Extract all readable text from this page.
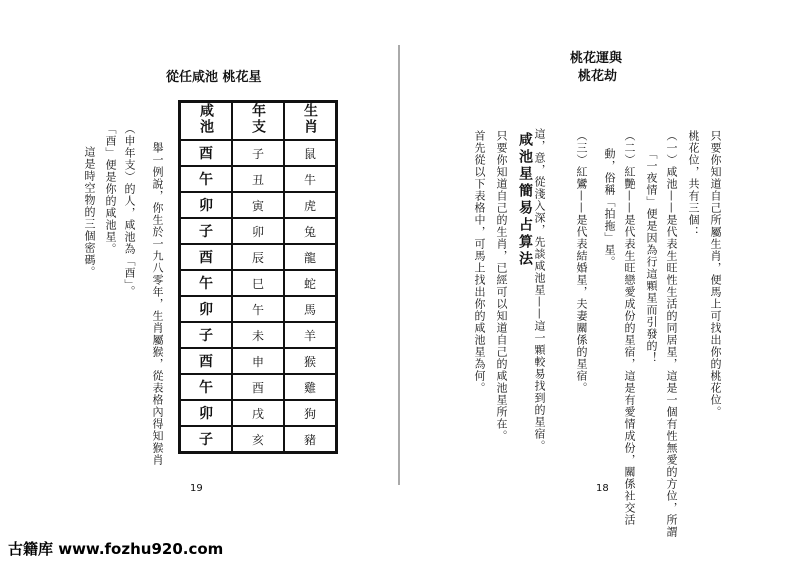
從任咸池 桃花星
咸池	年支	生肖
酉	子	鼠
午	丑	牛
卯	寅	虎
子	卯	兔
酉	辰	龍
午	巳	蛇
卯	午	馬
子	未	羊
酉	申	猴
午	酉	雞
卯	戌	狗
子	亥	豬
舉一例說，你生於一九八零年，生肖屬猴，從表格內得知猴肖
（申年支）的人，咸池為「酉」。
「酉」便是你的咸池星。
這是時空物的三個密碼。
19
桃花運與
桃花劫
只要你知道自己所屬生肖，便馬上可找出你的桃花位。
桃花位，共有三個：
（一）咸池——是代表生旺性生活的同居星，這是一個有性無愛的方位，所謂
「一夜情」便是因為行這顆星而引發的！
（二）紅艷——是代表生旺戀愛成份的星宿，這是有愛情成份，關係社交活
動，俗稱「拍拖」星。
（三）紅鸞——是代表結婚星，夫妻關係的星宿。
咸池星簡易占算法 這，意，從淺入深，先談咸池星——這一顆較易找到的星宿。
只要你知道自己的生肖，已經可以知道自己的咸池星所在。
首先從以下表格中，可馬上找出你的咸池星為何。
18
古籍库 www.fozhu920.com
